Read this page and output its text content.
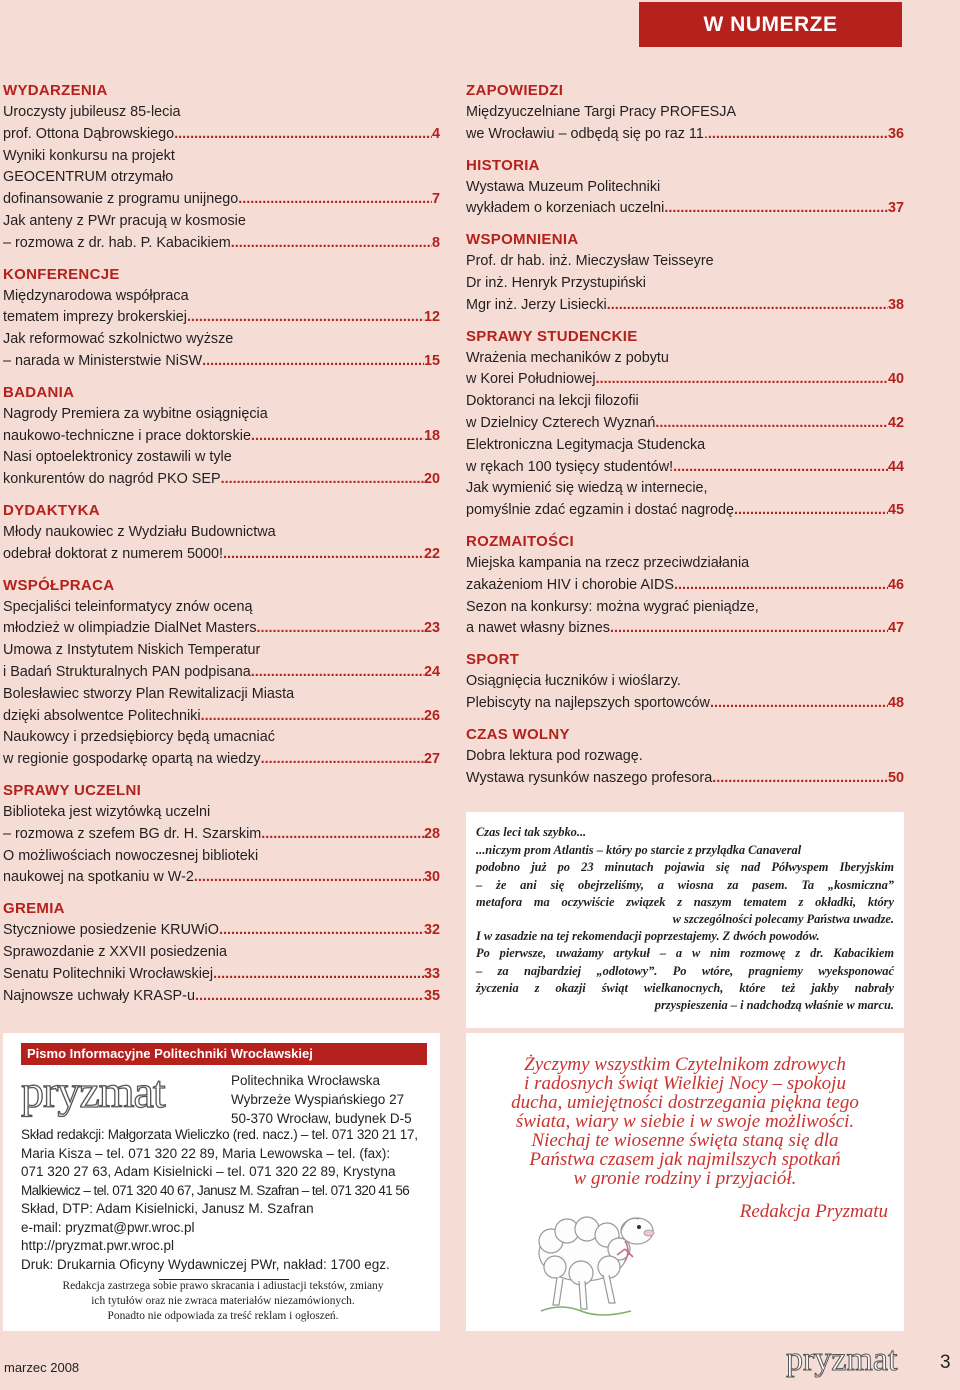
W NUMERZE
WYDARZENIA
Uroczysty jubileusz 85-lecia
prof. Ottona Dąbrowskiego .....	4
Wyniki konkursu na projekt
GEOCENTRUM otrzymało
dofinansowanie z programu unijnego .....	7
Jak anteny z PWr pracują w kosmosie
– rozmowa z dr. hab. P. Kabacikiem .....	8
KONFERENCJE
Międzynarodowa współpraca
tematem imprezy brokerskiej .....	12
Jak reformować szkolnictwo wyższe
– narada w Ministerstwie NiSW .....	15
BADANIA
Nagrody Premiera za wybitne osiągnięcia
naukowo-techniczne i prace doktorskie .....	18
Nasi optoelektronicy zostawili w tyle
konkurentów do nagród PKO SEP .....	20
DYDAKTYKA
Młody naukowiec z Wydziału Budownictwa
odebrał doktorat z numerem 5000! .....	22
WSPÓŁPRACA
Specjaliści teleinformatycy znów oceną
młodzież w olimpiadzie DialNet Masters .....	23
Umowa z Instytutem Niskich Temperatur
i Badań Strukturalnych PAN podpisana .....	24
Bolesławiec stworzy Plan Rewitalizacji Miasta
dzięki absolwentce Politechniki .....	26
Naukowcy i przedsiębiorcy będą umacniać
w regionie gospodarkę opartą na wiedzy .....	27
SPRAWY UCZELNI
Biblioteka jest wizytówką uczelni
– rozmowa z szefem BG dr. H. Szarskim .....	28
O możliwościach nowoczesnej biblioteki
naukowej na spotkaniu w W-2 .....	30
GREMIA
Styczniowe posiedzenie KRUWiO .....	32
Sprawozdanie z XXVII posiedzenia
Senatu Politechniki Wrocławskiej .....	33
Najnowsze uchwały KRASP-u .....	35
ZAPOWIEDZI
Międzyuczelniane Targi Pracy PROFESJA
we Wrocławiu – odbędą się po raz 11. .....	36
HISTORIA
Wystawa Muzeum Politechniki
wykładem o korzeniach uczelni .....	37
WSPOMNIENIA
Prof. dr hab. inż. Mieczysław Teisseyre
Dr inż. Henryk Przystupiński
Mgr inż. Jerzy Lisiecki .....	38
SPRAWY STUDENCKIE
Wrażenia mechaników z pobytu
w Korei Południowej .....	40
Doktoranci na lekcji filozofii
w Dzielnicy Czterech Wyznań .....	42
Elektroniczna Legitymacja Studencka
w rękach 100 tysięcy studentów! .....	44
Jak wymienić się wiedzą w internecie,
pomyślnie zdać egzamin i dostać nagrodę .....	45
ROZMAITOŚCI
Miejska kampania na rzecz przeciwdziałania
zakażeniom HIV i chorobie AIDS .....	46
Sezon na konkursy: można wygrać pieniądze,
a nawet własny biznes .....	47
SPORT
Osiągnięcia łuczników i wioślarzy.
Plebiscyty na najlepszych sportowców .....	48
CZAS WOLNY
Dobra lektura pod rozwagę.
Wystawa rysunków naszego profesora .....	50
Czas leci tak szybko...
...niczym prom Atlantis – który po starcie z przylądka Canaveral
podobno już po 23 minutach pojawia się nad Półwyspem Iberyjskim
– że ani się obejrzeliśmy, a wiosna za pasem. Ta „kosmiczna”
metafora ma oczywiście związek z naszym tematem z okładki, który
w szczególności polecamy Państwa uwadze.
I w zasadzie na tej rekomendacji poprzestajemy. Z dwóch powodów.
Po pierwsze, uważamy artykuł – a w nim rozmowę z dr. Kabacikiem
– za najbardziej „odlotowy”. Po wtóre, pragniemy wyeksponować
życzenia z okazji świąt wielkanocnych, które też jakby nabrały
przyspieszenia – i nadchodzą właśnie w marcu.
Pismo Informacyjne Politechniki Wrocławskiej
pryzmat	Politechnika Wrocławska
Wybrzeże Wyspiańskiego 27
50-370 Wrocław, budynek D-5
Skład redakcji: Małgorzata Wieliczko (red. nacz.) – tel. 071 320 21 17,
Maria Kisza – tel. 071 320 22 89, Maria Lewowska – tel. (fax):
071 320 27 63, Adam Kisielnicki – tel. 071 320 22 89, Krystyna
Malkiewicz – tel. 071 320 40 67, Janusz M. Szafran – tel. 071 320 41 56
Skład, DTP: Adam Kisielnicki, Janusz M. Szafran
e-mail: pryzmat@pwr.wroc.pl
http://pryzmat.pwr.wroc.pl
Druk: Drukarnia Oficyny Wydawniczej PWr, nakład: 1700 egz.
Redakcja zastrzega sobie prawo skracania i adiustacji tekstów, zmiany
ich tytułów oraz nie zwraca materiałów niezamówionych.
Ponadto nie odpowiada za treść reklam i ogłoszeń.
Życzymy wszystkim Czytelnikom zdrowych
i radosnych świąt Wielkiej Nocy – spokoju
ducha, umiejętności dostrzegania piękna tego
świata, wiary w siebie i w swoje możliwości.
Niechaj te wiosenne święta staną się dla
Państwa czasem jak najmilszych spotkań
w gronie rodziny i przyjaciół.
Redakcja Pryzmatu
marzec 2008	pryzmat 3
